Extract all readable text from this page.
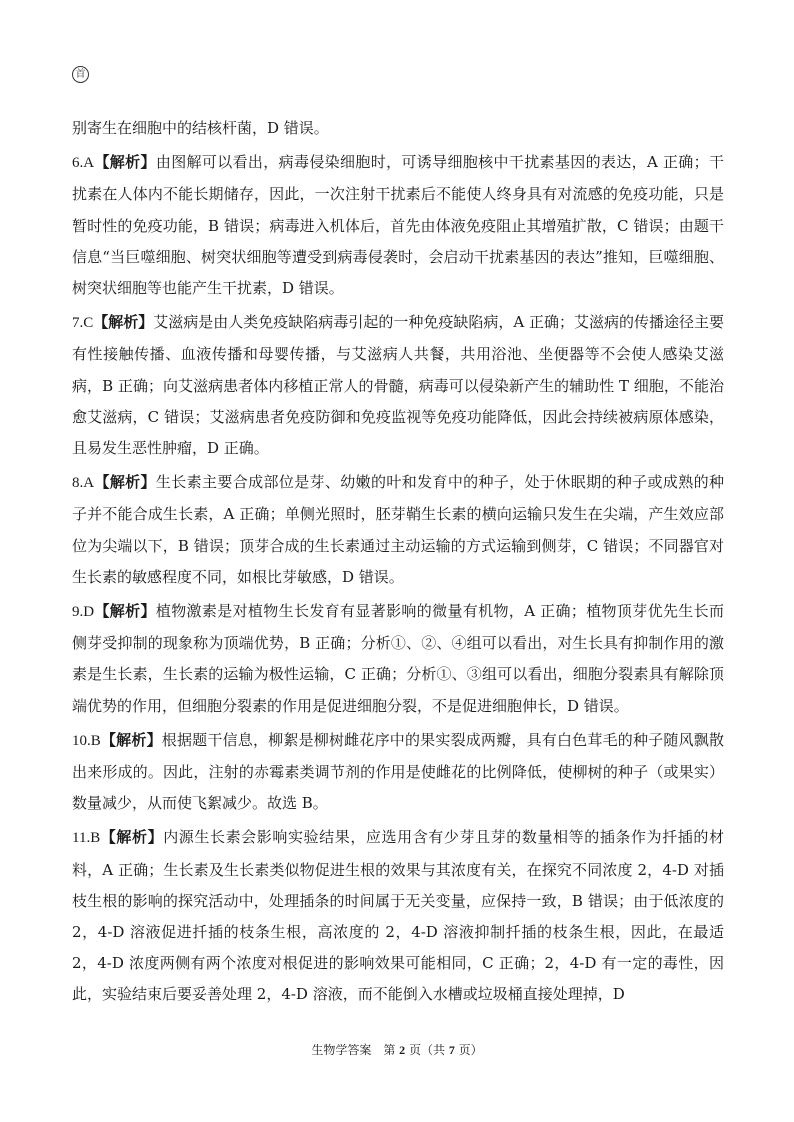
首

别寄生在细胞中的结核杆菌，D 错误。

6.A【解析】由图解可以看出，病毒侵染细胞时，可诱导细胞核中干扰素基因的表达，A 正确；干扰素在人体内不能长期储存，因此，一次注射干扰素后不能使人终身具有对流感的免疫功能，只是暂时性的免疫功能，B 错误；病毒进入机体后，首先由体液免疫阻止其增殖扩散，C 错误；由题干信息“当巨噬细胞、树突状细胞等遭受到病毒侵袭时，会启动干扰素基因的表达”推知，巨噬细胞、树突状细胞等也能产生干扰素，D 错误。

7.C【解析】艾滋病是由人类免疫缺陷病毒引起的一种免疫缺陷病，A 正确；艾滋病的传播途径主要有性接触传播、血液传播和母婴传播，与艾滋病人共餐，共用浴池、坐便器等不会使人感染艾滋病，B 正确；向艾滋病患者体内移植正常人的骨髓，病毒可以侵染新产生的辅助性 T 细胞，不能治愈艾滋病，C 错误；艾滋病患者免疫防御和免疫监视等免疫功能降低，因此会持续被病原体感染，且易发生恶性肿瘤，D 正确。

8.A【解析】生长素主要合成部位是芽、幼嫩的叶和发育中的种子，处于休眠期的种子或成熟的种子并不能合成生长素，A 正确；单侧光照时，胚芽鞘生长素的横向运输只发生在尖端，产生效应部位为尖端以下，B 错误；顶芽合成的生长素通过主动运输的方式运输到侧芽，C 错误；不同器官对生长素的敏感程度不同，如根比芽敏感，D 错误。

9.D【解析】植物激素是对植物生长发育有显著影响的微量有机物，A 正确；植物顶芽优先生长而侧芽受抑制的现象称为顶端优势，B 正确；分析①、②、④组可以看出，对生长具有抑制作用的激素是生长素，生长素的运输为极性运输，C 正确；分析①、③组可以看出，细胞分裂素具有解除顶端优势的作用，但细胞分裂素的作用是促进细胞分裂，不是促进细胞伸长，D 错误。

10.B【解析】根据题干信息，柳絮是柳树雌花序中的果实裂成两瓣，具有白色茸毛的种子随风飘散出来形成的。因此，注射的赤霉素类调节剂的作用是使雌花的比例降低，使柳树的种子（或果实）数量减少，从而使飞絮减少。故选 B。

11.B【解析】内源生长素会影响实验结果，应选用含有少芽且芽的数量相等的插条作为扦插的材料，A 正确；生长素及生长素类似物促进生根的效果与其浓度有关，在探究不同浓度 2，4-D 对插枝生根的影响的探究活动中，处理插条的时间属于无关变量，应保持一致，B 错误；由于低浓度的 2，4-D 溶液促进扦插的枝条生根，高浓度的 2，4-D 溶液抑制扦插的枝条生根，因此，在最适 2，4-D 浓度两侧有两个浓度对根促进的影响效果可能相同，C 正确；2，4-D 有一定的毒性，因此，实验结束后要妥善处理 2，4-D 溶液，而不能倒入水槽或垃圾桶直接处理掉，D

生物学答案　第 2 页（共 7 页）
